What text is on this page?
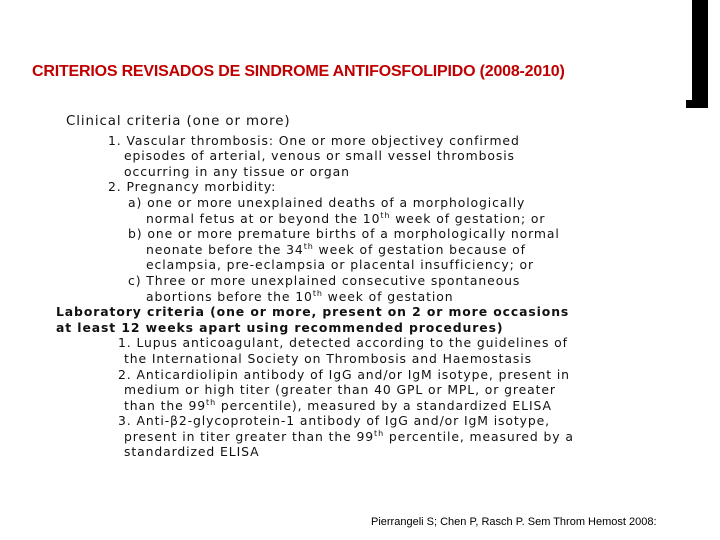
CRITERIOS REVISADOS DE SINDROME ANTIFOSFOLIPIDO (2008-2010)
Clinical criteria (one or more)
1. Vascular thrombosis: One or more objectivey confirmed
episodes of arterial, venous or small vessel thrombosis
occurring in any tissue or organ
2. Pregnancy morbidity:
a) one or more unexplained deaths of a morphologically
normal fetus at or beyond the 10th week of gestation; or
b) one or more premature births of a morphologically normal
neonate before the 34th week of gestation because of
eclampsia, pre-eclampsia or placental insufficiency; or
c) Three or more unexplained consecutive spontaneous
abortions before the 10th week of gestation
Laboratory criteria (one or more, present on 2 or more occasions
at least 12 weeks apart using recommended procedures)
1. Lupus anticoagulant, detected according to the guidelines of
the International Society on Thrombosis and Haemostasis
2. Anticardiolipin antibody of IgG and/or IgM isotype, present in
medium or high titer (greater than 40 GPL or MPL, or greater
than the 99th percentile), measured by a standardized ELISA
3. Anti-β2-glycoprotein-1 antibody of IgG and/or IgM isotype,
present in titer greater than the 99th percentile, measured by a
standardized ELISA
Pierrangeli S; Chen P, Rasch P. Sem Throm Hemost 2008:
